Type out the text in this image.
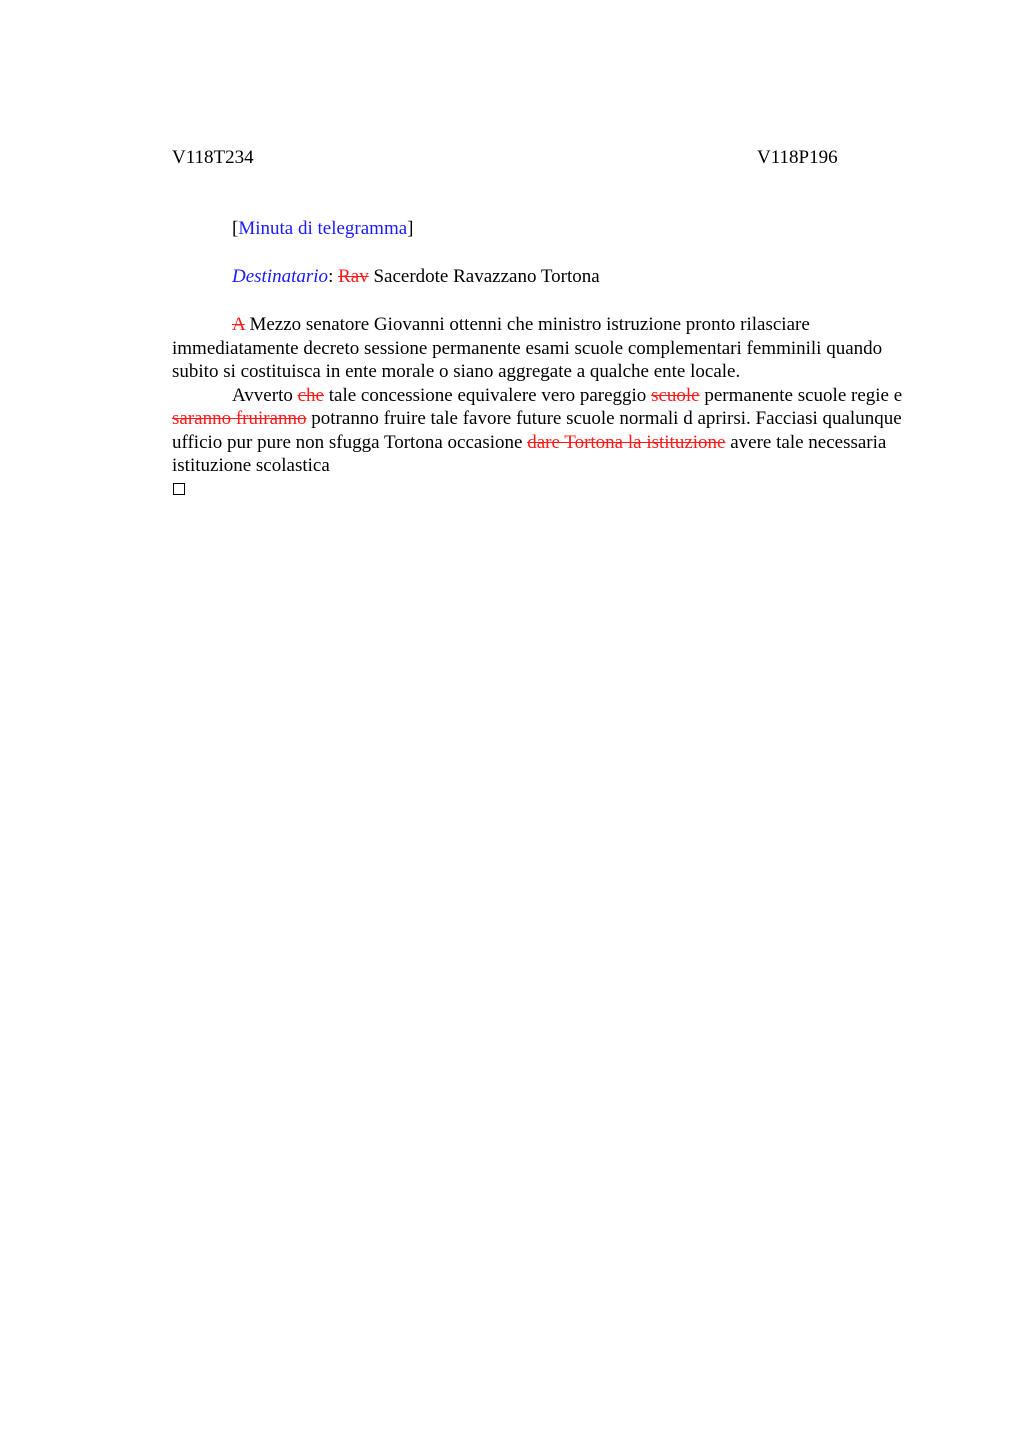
V118T234	V118P196
[Minuta di telegramma]
Destinatario: Rav Sacerdote Ravazzano Tortona

A Mezzo senatore Giovanni ottenni che ministro istruzione pronto rilasciare immediatamente decreto sessione permanente esami scuole complementari femminili quando subito si costituisca in ente morale o siano aggregate a qualche ente locale.

Avverto che tale concessione equivalere vero pareggio scuole permanente scuole regie e saranno fruiranno potranno fruire tale favore future scuole normali d aprirsi. Facciasi qualunque ufficio pur pure non sfugga Tortona occasione dare Tortona la istituzione avere tale necessaria istituzione scolastica
